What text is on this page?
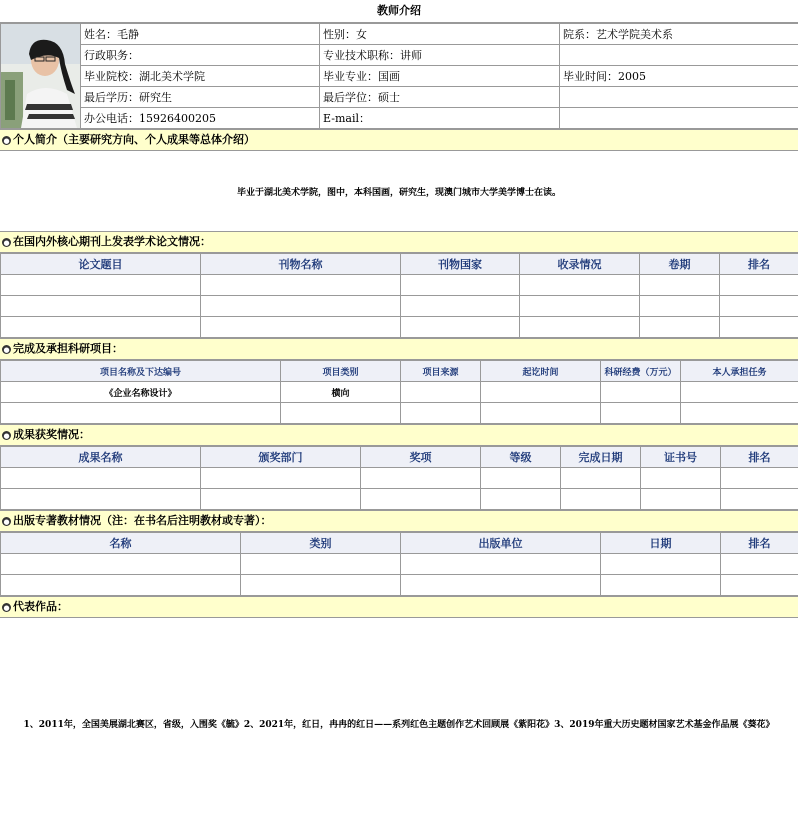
教师介绍
	姓名：毛静	性别：女	院系：艺术学院美术系
	行政职务：	专业技术职称：讲师	
	毕业院校：湖北美术学院	毕业专业：国画	毕业时间：2005
	最后学历：研究生	最后学位：硕士	
	办公电话：15926400205	E-mail：	
● 个人简介（主要研究方向、个人成果等总体介绍）
毕业于湖北美术学院，图中，本科国画，研究生，现澳门城市大学美学博士在读。
● 在国内外核心期刊上发表学术论文情况：
论文题目	刊物名称	刊物国家	收录情况	卷期	排名

● 完成及承担科研项目：
项目名称及下达编号	项目类别	项目来源	起讫时间	科研经费（万元）	本人承担任务
《企业名称设计》	横向				

● 成果获奖情况：
成果名称	颁奖部门	奖项	等级	完成日期	证书号	排名

● 出版专著教材情况（注：在书名后注明教材或专著）：
名称	类别	出版单位	日期	排名

● 代表作品：
1、2011年，全国美展湖北赛区，省级，入围奖《毓》2、2021年，红日，冉冉的红日——系列红色主题创作艺术回顾展《紫阳花》3、2019年重大历史题材国家艺术基金作品展《葵花》
